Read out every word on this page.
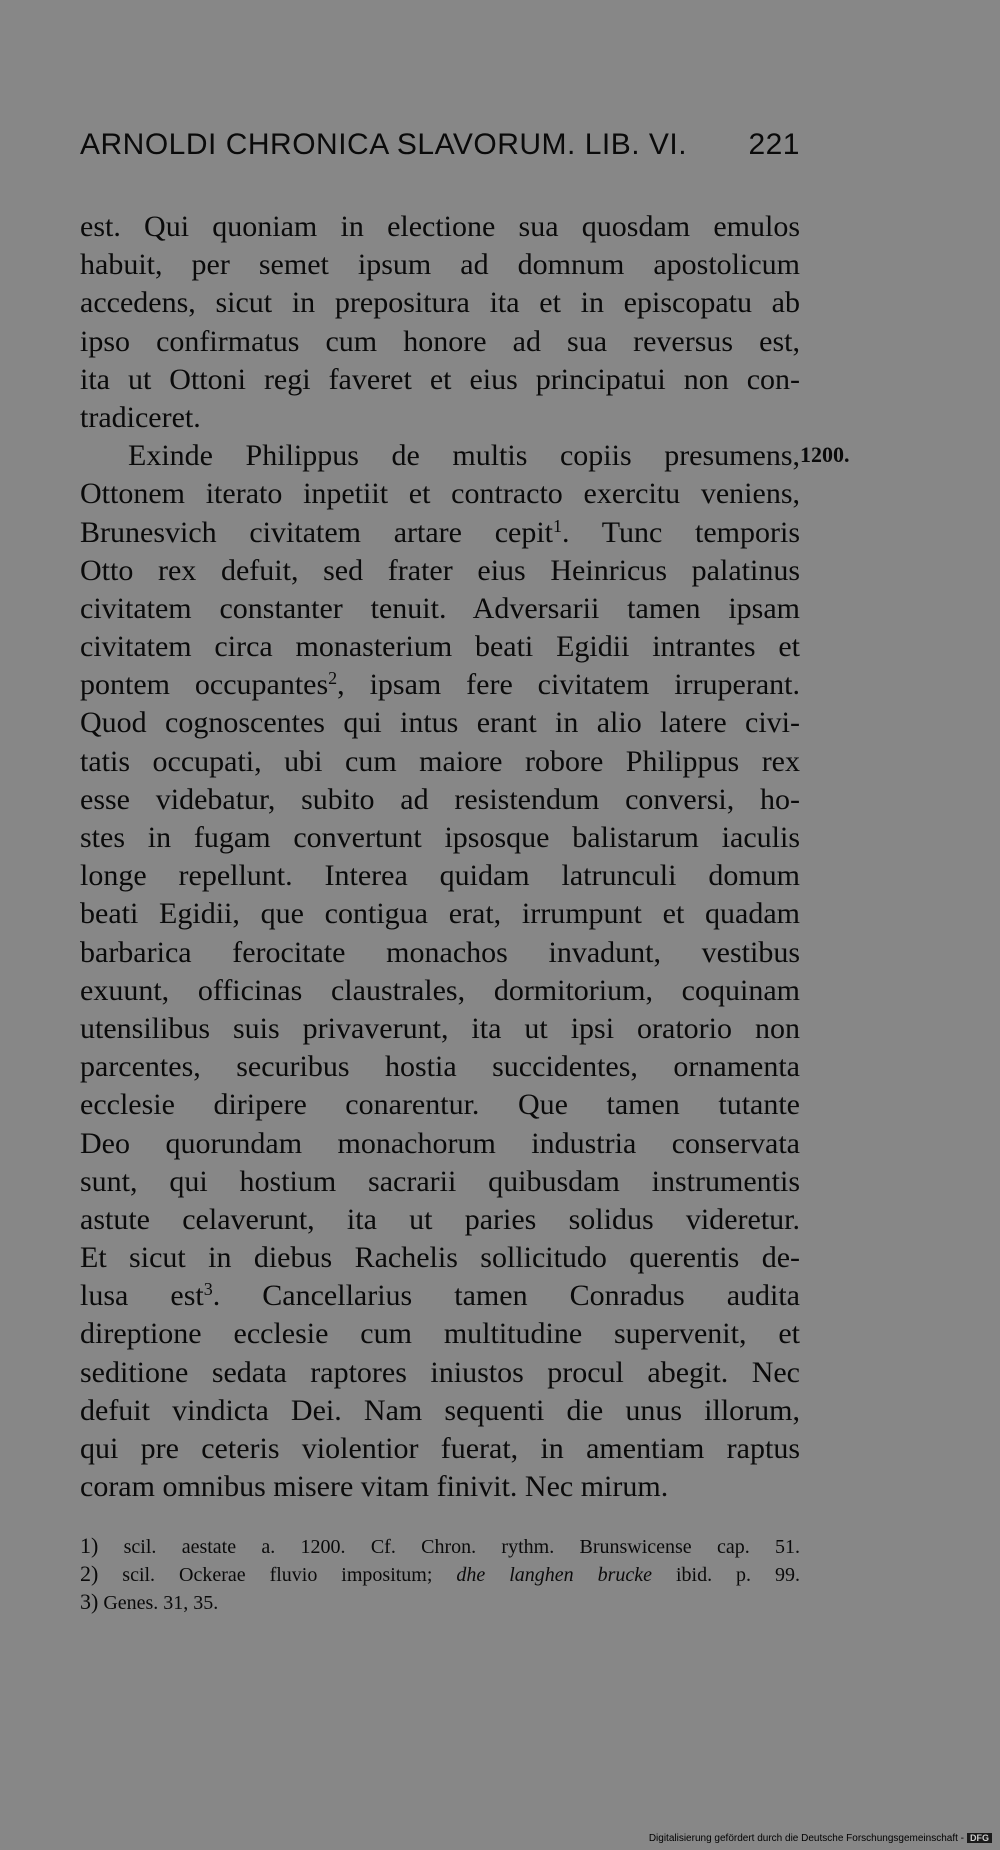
ARNOLDI CHRONICA SLAVORUM. LIB. VI. 221
1200.
est. Qui quoniam in electione sua quosdam emulos
habuit, per semet ipsum ad domnum apostolicum
accedens, sicut in prepositura ita et in episcopatu ab
ipso confirmatus cum honore ad sua reversus est,
ita ut Ottoni regi faveret et eius principatui non con-
tradiceret.
Exinde Philippus de multis copiis presumens,
Ottonem iterato inpetiit et contracto exercitu veniens,
Brunesvich civitatem artare cepit$^1$. Tunc temporis
Otto rex defuit, sed frater eius Heinricus palatinus
civitatem constanter tenuit. Adversarii tamen ipsam
civitatem circa monasterium beati Egidii intrantes et
pontem occupantes$^2$, ipsam fere civitatem irruperant.
Quod cognoscentes qui intus erant in alio latere civi-
tatis occupati, ubi cum maiore robore Philippus rex
esse videbatur, subito ad resistendum conversi, ho-
stes in fugam convertunt ipsosque balistarum iaculis
longe repellunt. Interea quidam latrunculi domum
beati Egidii, que contigua erat, irrumpunt et quadam
barbarica ferocitate monachos invadunt, vestibus
exuunt, officinas claustrales, dormitorium, coquinam
utensilibus suis privaverunt, ita ut ipsi oratorio non
parcentes, securibus hostia succidentes, ornamenta
ecclesie diripere conarentur. Que tamen tutante
Deo quorundam monachorum industria conservata
sunt, qui hostium sacrarii quibusdam instrumentis
astute celaverunt, ita ut paries solidus videretur.
Et sicut in diebus Rachelis sollicitudo querentis de-
lusa est$^3$. Cancellarius tamen Conradus audita
direptione ecclesie cum multitudine supervenit, et
seditione sedata raptores iniustos procul abegit. Nec
defuit vindicta Dei. Nam sequenti die unus illorum,
qui pre ceteris violentior fuerat, in amentiam raptus
coram omnibus misere vitam finivit. Nec mirum.
1) scil. aestate a. 1200. Cf. Chron. rythm. Brunswicense cap. 51.
2) scil. Ockerae fluvio impositum; dhe langhen brucke ibid. p. 99.
3) Genes. 31, 35.
Digitalisierung gefördert durch die Deutsche Forschungsgemeinschaft - DFG
